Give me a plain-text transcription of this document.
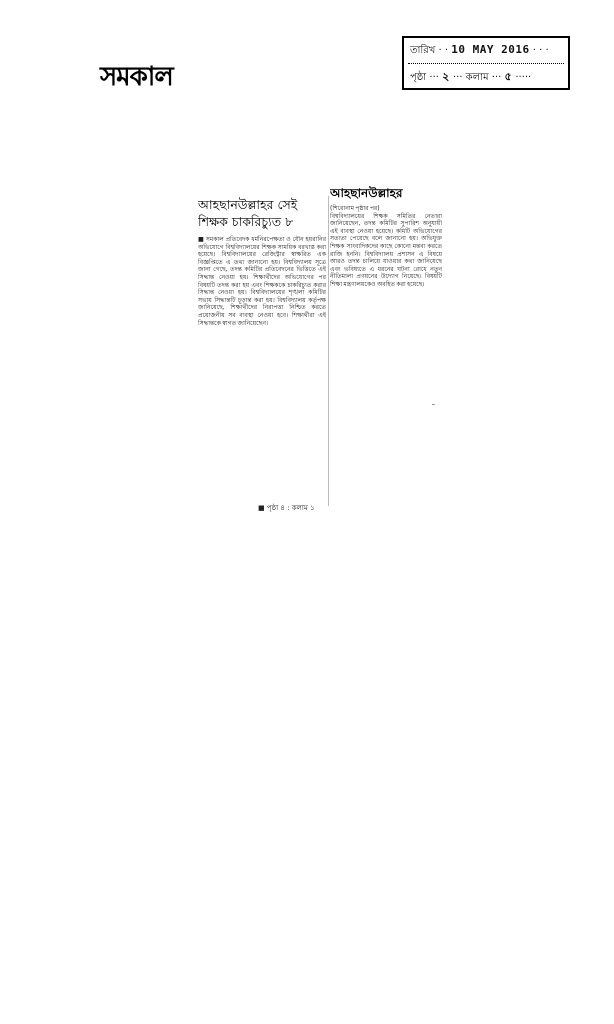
সমকাল
তারিখ · · 10 MAY 2016 · · ·
পৃষ্ঠা ··· ২ ··· কলাম ··· ৫ ·····
আহছানউল্লাহর সেই শিক্ষক চাকরিচ্যুত ৮
■ সমকাল প্রতিবেদক ধর্মনিরপেক্ষতা ও যৌন হয়রানির অভিযোগে বিশ্ববিদ্যালয়ের শিক্ষক সাময়িক বরখাস্ত করা হয়েছে। বিশ্ববিদ্যালয়ের রেজিস্ট্রার স্বাক্ষরিত এক বিজ্ঞপ্তিতে এ তথ্য জানানো হয়। বিশ্ববিদ্যালয় সূত্রে জানা গেছে, তদন্ত কমিটির প্রতিবেদনের ভিত্তিতে এই সিদ্ধান্ত নেওয়া হয়। শিক্ষার্থীদের অভিযোগের পর বিষয়টি তদন্ত করা হয় এবং শিক্ষককে চাকরিচ্যুত করার সিদ্ধান্ত নেওয়া হয়। বিশ্ববিদ্যালয়ের শৃঙ্খলা কমিটির সভায় সিদ্ধান্তটি চূড়ান্ত করা হয়। বিশ্ববিদ্যালয় কর্তৃপক্ষ জানিয়েছে, শিক্ষার্থীদের নিরাপত্তা নিশ্চিত করতে প্রয়োজনীয় সব ব্যবস্থা নেওয়া হবে। শিক্ষার্থীরা এই সিদ্ধান্তকে স্বাগত জানিয়েছেন।
আহছানউল্লাহর
(শিরোনাম পৃষ্ঠার পর)
বিশ্ববিদ্যালয়ের শিক্ষক সমিতির নেতারা জানিয়েছেন, তদন্ত কমিটির সুপারিশ অনুযায়ী এই ব্যবস্থা নেওয়া হয়েছে। কমিটি অভিযোগের সত্যতা পেয়েছে বলে জানানো হয়। অভিযুক্ত শিক্ষক সাংবাদিকদের কাছে কোনো মন্তব্য করতে রাজি হননি। বিশ্ববিদ্যালয় প্রশাসন এ বিষয়ে আরও তদন্ত চালিয়ে যাওয়ার কথা জানিয়েছে এবং ভবিষ্যতে এ ধরনের ঘটনা রোধে নতুন নীতিমালা প্রণয়নের উদ্যোগ নিয়েছে। বিষয়টি শিক্ষা মন্ত্রণালয়কেও অবহিত করা হয়েছে।
■ পৃষ্ঠা ৪ : কলাম ১
